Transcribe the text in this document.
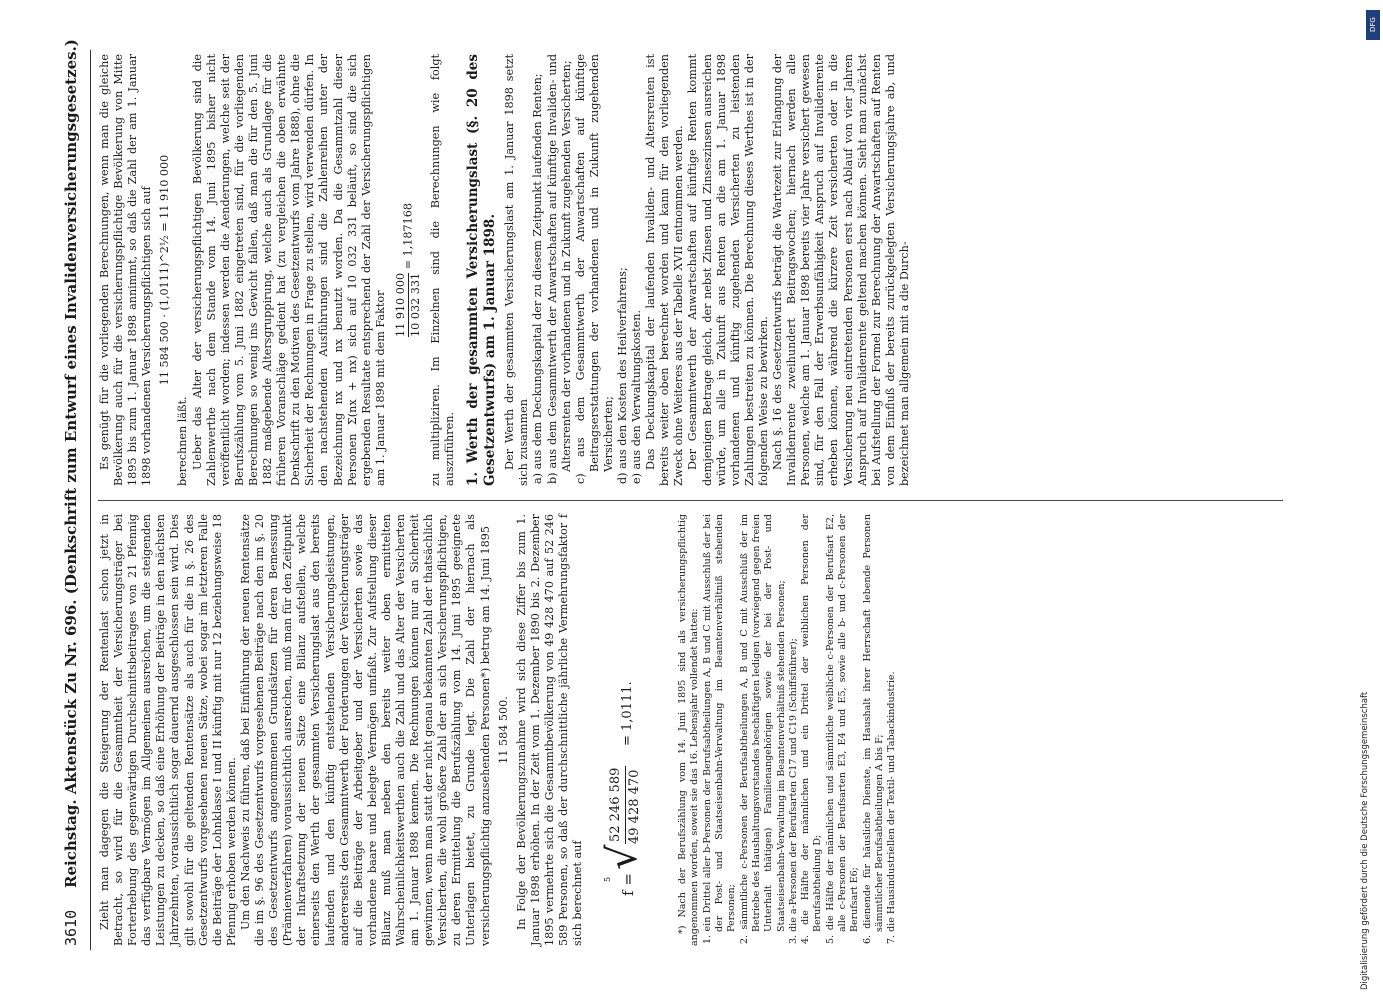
3610
Reichstag. Aktenstück Zu Nr. 696. (Denkschrift zum Entwurf eines Invalidenversicherungsgesetzes.) Zieht man dagegen die Steigerung der Rentenlast schon jetzt in Betracht, so wird für die Gesammtheit der Versicherungsträger bei Forterhebung des gegenwärtigen Durchschnittsbeitrages von 21 Pfennig das verfügbare Vermögen im Allgemeinen ausreichen, um die steigenden Leistungen zu decken, so daß eine Erhöhung der Beiträge in den nächsten Jahrzehnten, voraussichtlich sogar dauernd ausgeschlossen sein wird. Dies gilt sowohl für die geltenden Rentensätze als auch für die in §. 26 des Gesetzentwurfs vorgesehenen neuen Sätze, wobei sogar im letzteren Falle die Beiträge der Lohnklasse I und II künftig mit nur 12 beziehungsweise 18 Pfennig erhoben werden können. Um den Nachweis zu führen, daß bei Einführung der neuen Rentensätze die im §. 96 des Gesetzentwurfs vorgesehenen Beiträge nach den im §. 20 des Gesetzentwurfs angenommenen Grundsätzen für deren Bemessung (Prämienverfahren) voraussichtlich ausreichen, muß man für den Zeitpunkt der Inkraftsetzung der neuen Sätze eine Bilanz aufstellen, welche einerseits den Werth der gesammten Versicherungslast aus den bereits laufenden und den künftig entstehenden Versicherungsleistungen, andererseits den Gesammtwerth der Forderungen der Versicherungsträger auf die Beiträge der Arbeitgeber und der Versicherten sowie das vorhandene baare und belegte Vermögen umfaßt. Zur Aufstellung dieser Bilanz muß man neben den bereits weiter oben ermittelten Wahrscheinlichkeitswerthen auch die Zahl und das Alter der Versicherten am 1. Januar 1898 kennen. Die Rechnungen können nur an Sicherheit gewinnen, wenn man statt der nicht genau bekannten Zahl der thatsächlich Versicherten, die wohl größere Zahl der an sich Versicherungspflichtigen, zu deren Ermittelung die Berufszählung vom 14. Juni 1895 geeignete Unterlagen bietet, zu Grunde legt. Die Zahl der hiernach als versicherungspflichtig anzusehenden Personen*) betrug am 14. Juni 1895 11 584 500. In Folge der Bevölkerungszunahme wird sich diese Ziffer bis zum 1. Januar 1898 erhöhen. In der Zeit vom 1. Dezember 1890 bis 2. Dezember 1895 vermehrte sich die Gesammtbevölkerung von 49 428 470 auf 52 246 589 Personen, so daß der durchschnittliche jährliche Vermehrungsfaktor f sich berechnet auf f =
5
√
52 246 589 49 428 470
= 1,0111.	*) Nach der Berufszählung vom 14. Juni 1895 sind als versicherungspflichtig angenommen worden, soweit sie das 16. Lebensjahr vollendet hatten: 1. ein Drittel aller b-Personen der Berufsabtheilungen A, B und C mit Ausschluß der bei der Post- und Staatseisenbahn-Verwaltung im Beamtenverhältniß stehenden Personen; 2. sämmtliche c-Personen der Berufsabtheilungen A, B und C mit Ausschluß der im Betriebe des Haushaltungsvorstandes beschäftigten ledigen (vorwiegend gegen freien Unterhalt thätigen) Familienangehörigen sowie der bei der Post- und Staatseisenbahn-Verwaltung im Beamtenverhältniß stehenden Personen; 3. die a-Personen der Berufsarten C17 und C19 (Schiffsführer); 4. die Hälfte der männlichen und ein Drittel der weiblichen Personen der Berufsabtheilung D; 5. die Hälfte der männlichen und sämmtliche weibliche c-Personen der Berufsart E2, alle c-Personen der Berufsarten E3, E4 und E5, sowie alle b- und c-Personen der Berufsart E6; 6. dienende für häusliche Dienste, im Haushalt ihrer Herrschaft lebende Personen sämmtlicher Berufsabtheilungen A bis F; 7. die Hausindustriellen der Textil- und Tabackindustrie.

Es genügt für die vorliegenden Berechnungen, wenn man die gleiche Bevölkerung auch für die versicherungspflichtige Bevölkerung von Mitte 1895 bis zum 1. Januar 1898 annimmt, so daß die Zahl der am 1. Januar 1898 vorhandenen Versicherungspflichtigen sich auf 11 584 500 · (1,0111)^2½ = 11 910 000

berechnen läßt. Ueber das Alter der versicherungspflichtigen Bevölkerung sind die Zahlenwerthe nach dem Stande vom 14. Juni 1895 bisher nicht veröffentlicht worden; indessen werden die Aenderungen, welche seit der Berufszählung vom 5. Juni 1882 eingetreten sind, für die vorliegenden Berechnungen so wenig ins Gewicht fallen, daß man die für den 5. Juni 1882 maßgebende Altersgruppirung, welche auch als Grundlage für die früheren Voranschläge gedient hat (zu vergleichen die oben erwähnte Denkschrift zu den Motiven des Gesetzentwurfs vom Jahre 1888), ohne die Sicherheit der Rechnungen in Frage zu stellen, wird verwenden dürfen. In den nachstehenden Ausführungen sind die Zahlenreihen unter der Bezeichnung nx und nx benutzt worden. Da die Gesammtzahl dieser Personen Σ(nx + nx) sich auf 10 032 331 beläuft, so sind die sich ergebenden Resultate entsprechend der Zahl der Versicherungspflichtigen am 1. Januar 1898 mit dem Faktor 11 910 000 10 032 331
= 1,187168	zu multipliziren. Im Einzelnen sind die Berechnungen wie folgt auszuführen. 1. Werth der gesammten Versicherungslast (§. 20 des Gesetzentwurfs) am 1. Januar 1898. Der Werth der gesammten Versicherungslast am 1. Januar 1898 setzt sich zusammen a) aus dem Deckungskapital der zu diesem Zeitpunkt laufenden Renten; b) aus dem Gesammtwerth der Anwartschaften auf künftige Invaliden- und Altersrenten der vorhandenen und in Zukunft zugehenden Versicherten; c) aus dem Gesammtwerth der Anwartschaften auf künftige Beitragserstattungen der vorhandenen und in Zukunft zugehenden Versicherten; d) aus den Kosten des Heilverfahrens; e) aus den Verwaltungskosten. Das Deckungskapital der laufenden Invaliden- und Altersrenten ist bereits weiter oben berechnet worden und kann für den vorliegenden Zweck ohne Weiteres aus der Tabelle XVII entnommen werden. Der Gesammtwerth der Anwartschaften auf künftige Renten kommt demjenigen Betrage gleich, der nebst Zinsen und Zinseszinsen ausreichen würde, um alle in Zukunft aus Renten an die am 1. Januar 1898 vorhandenen und künftig zugehenden Versicherten zu leistenden Zahlungen bestreiten zu können. Die Berechnung dieses Werthes ist in der folgenden Weise zu bewirken. Nach §. 16 des Gesetzentwurfs beträgt die Wartezeit zur Erlangung der Invalidenrente zweihundert Beitragswochen; hiernach werden alle Personen, welche am 1. Januar 1898 bereits vier Jahre versichert gewesen sind, für den Fall der Erwerbsunfähigkeit Anspruch auf Invalidenrente erheben können, während die kürzere Zeit versicherten oder in die Versicherung neu eintretenden Personen erst nach Ablauf von vier Jahren Anspruch auf Invalidenrente geltend machen können. Sieht man zunächst bei Aufstellung der Formel zur Berechnung der Anwartschaften auf Renten von dem Einfluß der bereits zurückgelegten Versicherungsjahre ab, und bezeichnet man allgemein mit a die Durch-

DFG
Digitalisierung gefördert durch die Deutsche Forschungsgemeinschaft
